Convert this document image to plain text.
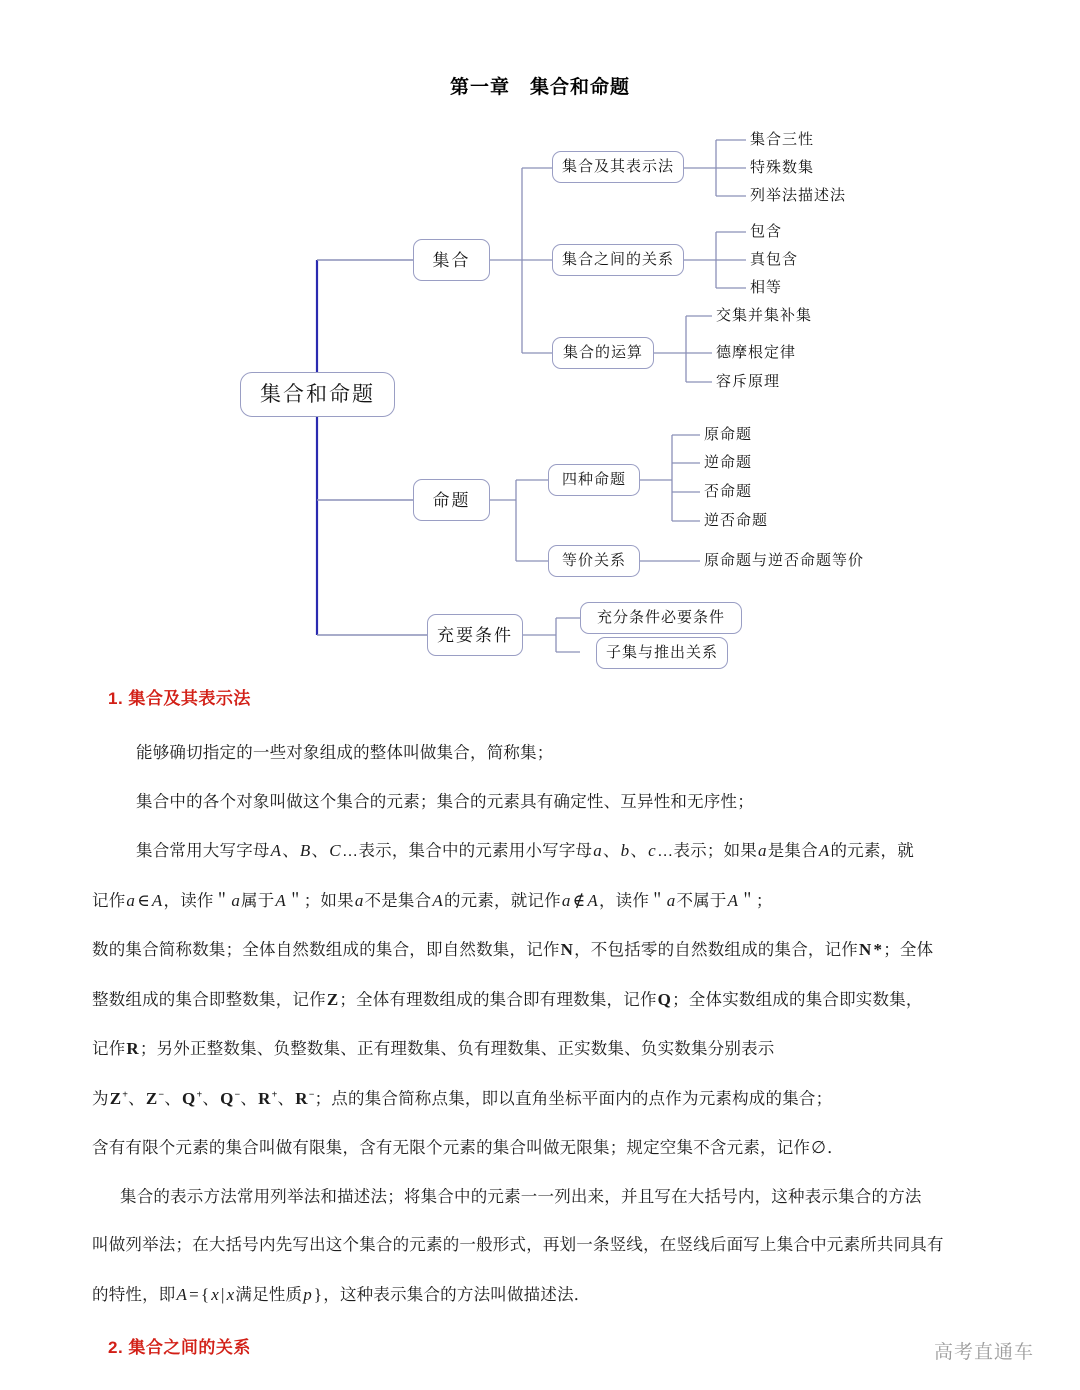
第一章　集合和命题
集合和命题
集合
命题
充要条件
集合及其表示法
集合之间的关系
集合的运算
集合三性
特殊数集
列举法描述法
包含
真包含
相等
交集并集补集
德摩根定律
容斥原理
四种命题
等价关系
原命题
逆命题
否命题
逆否命题
原命题与逆否命题等价
充分条件必要条件
子集与推出关系
1. 集合及其表示法
能够确切指定的一些对象组成的整体叫做集合，简称集；
集合中的各个对象叫做这个集合的元素；集合的元素具有确定性、互异性和无序性；
集合常用大写字母A、B、C…表示，集合中的元素用小写字母a、b、c…表示；如果a是集合A的元素，就
记作a ∈ A，读作＂a属于A＂；如果a不是集合A的元素，就记作a ∉ A，读作＂a不属于A＂；
数的集合简称数集；全体自然数组成的集合，即自然数集，记作N，不包括零的自然数组成的集合，记作N *；全体
整数组成的集合即整数集，记作Z；全体有理数组成的集合即有理数集，记作Q；全体实数组成的集合即实数集，
记作R；另外正整数集、负整数集、正有理数集、负有理数集、正实数集、负实数集分别表示
为Z+、Z−、Q+、Q−、R+、R−；点的集合简称点集，即以直角坐标平面内的点作为元素构成的集合；
含有有限个元素的集合叫做有限集，含有无限个元素的集合叫做无限集；规定空集不含元素，记作∅．
集合的表示方法常用列举法和描述法；将集合中的元素一一列出来，并且写在大括号内，这种表示集合的方法
叫做列举法；在大括号内先写出这个集合的元素的一般形式，再划一条竖线，在竖线后面写上集合中元素所共同具有
的特性，即A = { x | x满足性质p }，这种表示集合的方法叫做描述法．
2. 集合之间的关系	高考直通车
